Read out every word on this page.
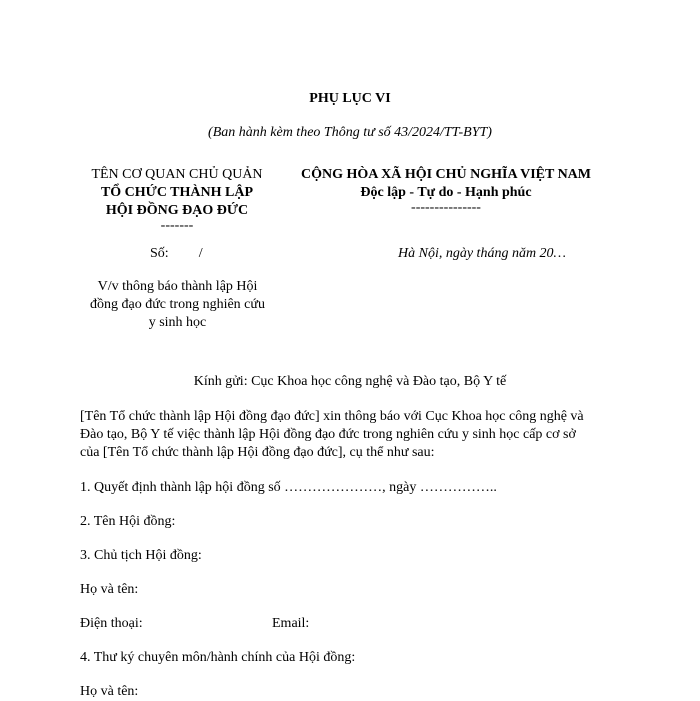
PHỤ LỤC VI
(Ban hành kèm theo Thông tư số 43/2024/TT-BYT)
TÊN CƠ QUAN CHỦ QUẢN
TỔ CHỨC THÀNH LẬP
HỘI ĐỒNG ĐẠO ĐỨC
-------
CỘNG HÒA XÃ HỘI CHỦ NGHĨA VIỆT NAM
Độc lập - Tự do - Hạnh phúc
---------------
Số: /	Hà Nội, ngày tháng năm 20…
V/v thông báo thành lập Hội
đồng đạo đức trong nghiên cứu
y sinh học
Kính gửi: Cục Khoa học công nghệ và Đào tạo, Bộ Y tế
[Tên Tổ chức thành lập Hội đồng đạo đức] xin thông báo với Cục Khoa học công nghệ và
Đào tạo, Bộ Y tế việc thành lập Hội đồng đạo đức trong nghiên cứu y sinh học cấp cơ sở
của [Tên Tổ chức thành lập Hội đồng đạo đức], cụ thể như sau:
1. Quyết định thành lập hội đồng số …………………, ngày ……………..
2. Tên Hội đồng:
3. Chủ tịch Hội đồng:
Họ và tên:
Điện thoại:	Email:
4. Thư ký chuyên môn/hành chính của Hội đồng:
Họ và tên:
